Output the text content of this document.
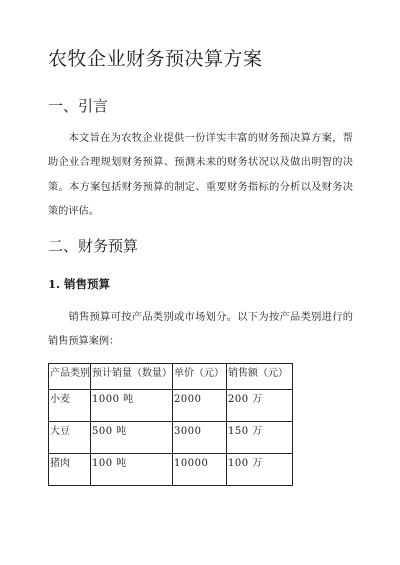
农牧企业财务预决算方案
一、引言

本文旨在为农牧企业提供一份详实丰富的财务预决算方案，帮助企业合理规划财务预算、预测未来的财务状况以及做出明智的决策。本方案包括财务预算的制定、重要财务指标的分析以及财务决策的评估。

二、财务预算
1. 销售预算

销售预算可按产品类别或市场划分。以下为按产品类别进行的销售预算案例：

产品类别	预计销量（数量）	单价（元）	销售额（元）
小麦	1000 吨	2000	200 万
大豆	500 吨	3000	150 万
猪肉	100 吨	10000	100 万
